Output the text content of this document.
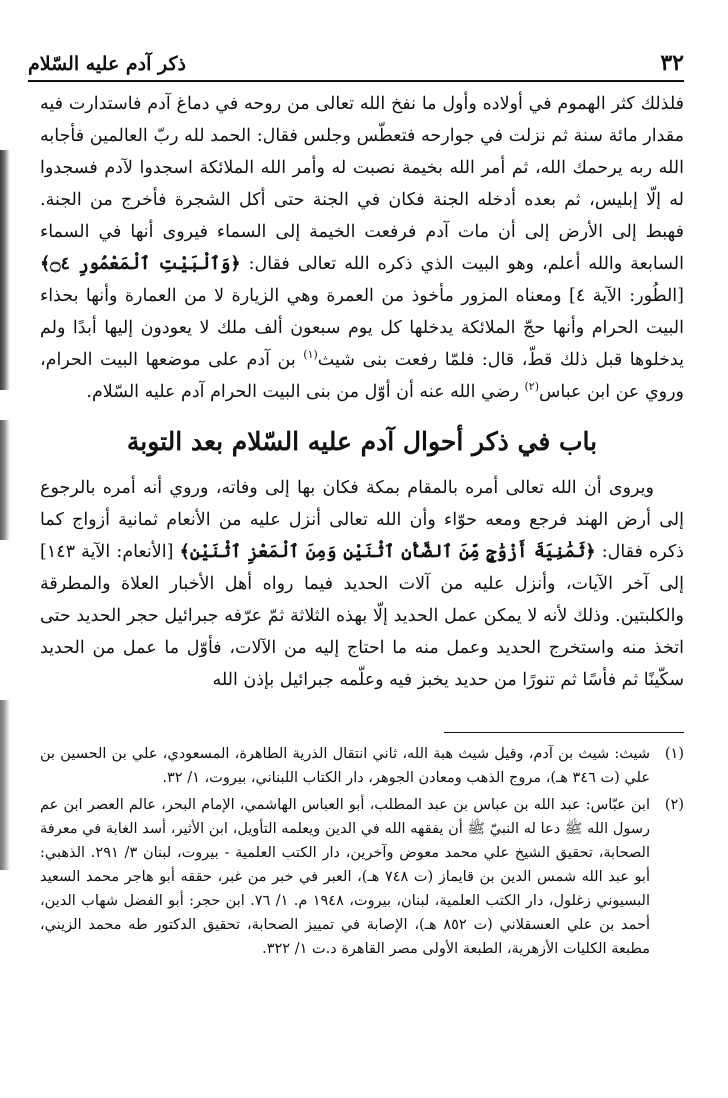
٣٢
ذكر آدم عليه السّلام

فلذلك كثر الهموم في أولاده وأول ما نفخ الله تعالى من روحه في دماغ آدم فاستدارت فيه مقدار مائة سنة ثم نزلت في جوارحه فتعطّس وجلس فقال: الحمد لله ربّ العالمين فأجابه الله ربه يرحمك الله، ثم أمر الله بخيمة نصبت له وأمر الله الملائكة اسجدوا لآدم فسجدوا له إلّا إبليس، ثم بعده أدخله الجنة فكان في الجنة حتى أكل الشجرة فأخرج من الجنة. فهبط إلى الأرض إلى أن مات آدم فرفعت الخيمة إلى السماء فيروى أنها في السماء السابعة والله أعلم، وهو البيت الذي ذكره الله تعالى فقال: ﴿وَٱلْبَيْتِ ٱلْمَعْمُورِ ۝٤﴾ [الطُور: الآية ٤] ومعناه المزور مأخوذ من العمرة وهي الزيارة لا من العمارة وأنها بحذاء البيت الحرام وأنها حجّ الملائكة يدخلها كل يوم سبعون ألف ملك لا يعودون إليها أبدًا ولم يدخلوها قبل ذلك قطّ، قال: فلمّا رفعت بنى شيث$^{(١)}$ بن آدم على موضعها البيت الحرام، وروي عن ابن عباس$^{(٢)}$ رضي الله عنه أن أوّل من بنى البيت الحرام آدم عليه السّلام.

باب في ذكر أحوال آدم عليه السّلام بعد التوبة

ويروى أن الله تعالى أمره بالمقام بمكة فكان بها إلى وفاته، وروي أنه أمره بالرجوع إلى أرض الهند فرجع ومعه حوّاء وأن الله تعالى أنزل عليه من الأنعام ثمانية أزواج كما ذكره فقال: ﴿ثَمَٰنِيَةَ أَزْوَٰجٍ مِّنَ ٱلضَّأْنِ ٱثْنَيْنِ وَمِنَ ٱلْمَعْزِ ٱثْنَيْنِ﴾ [الأنعام: الآية ١٤٣] إلى آخر الآيات، وأنزل عليه من آلات الحديد فيما رواه أهل الأخبار العلاة والمطرقة والكلبتين. وذلك لأنه لا يمكن عمل الحديد إلّا بهذه الثلاثة ثمّ عرّفه جبرائيل حجر الحديد حتى اتخذ منه واستخرج الحديد وعمل منه ما احتاج إليه من الآلات، فأوّل ما عمل من الحديد سكّينًا ثم فأسًا ثم تنورًا من حديد يخبز فيه وعلّمه جبرائيل بإذن الله

(١)
شيث: شيث بن آدم، وقيل شيث هبة الله، ثاني انتقال الذرية الطاهرة، المسعودي، علي بن الحسين بن علي (ت ٣٤٦ هـ)، مروج الذهب ومعادن الجوهر، دار الكتاب اللبناني، بيروت، ١/ ٣٢.
(٢)
ابن عبّاس: عبد الله بن عباس بن عبد المطلب، أبو العباس الهاشمي، الإمام البحر، عالم العصر ابن عم رسول الله ﷺ دعا له النبيّ ﷺ أن يفقهه الله في الدين ويعلمه التأويل، ابن الأثير، أسد الغابة في معرفة الصحابة، تحقيق الشيخ علي محمد معوض وآخرين، دار الكتب العلمية - بيروت، لبنان ٣/ ٢٩١. الذهبي: أبو عبد الله شمس الدين بن قايماز (ت ٧٤٨ هـ)، العبر في خبر من غبر، حققه أبو هاجر محمد السعيد البسيوني زغلول، دار الكتب العلمية، لبنان، بيروت، ١٩٤٨ م. ١/ ٧٦. ابن حجر: أبو الفضل شهاب الدين، أحمد بن علي العسقلاني (ت ٨٥٢ هـ)، الإصابة في تمييز الصحابة، تحقيق الدكتور طه محمد الزيني، مطبعة الكليات الأزهرية، الطبعة الأولى مصر القاهرة د.ت ١/ ٣٢٢.
